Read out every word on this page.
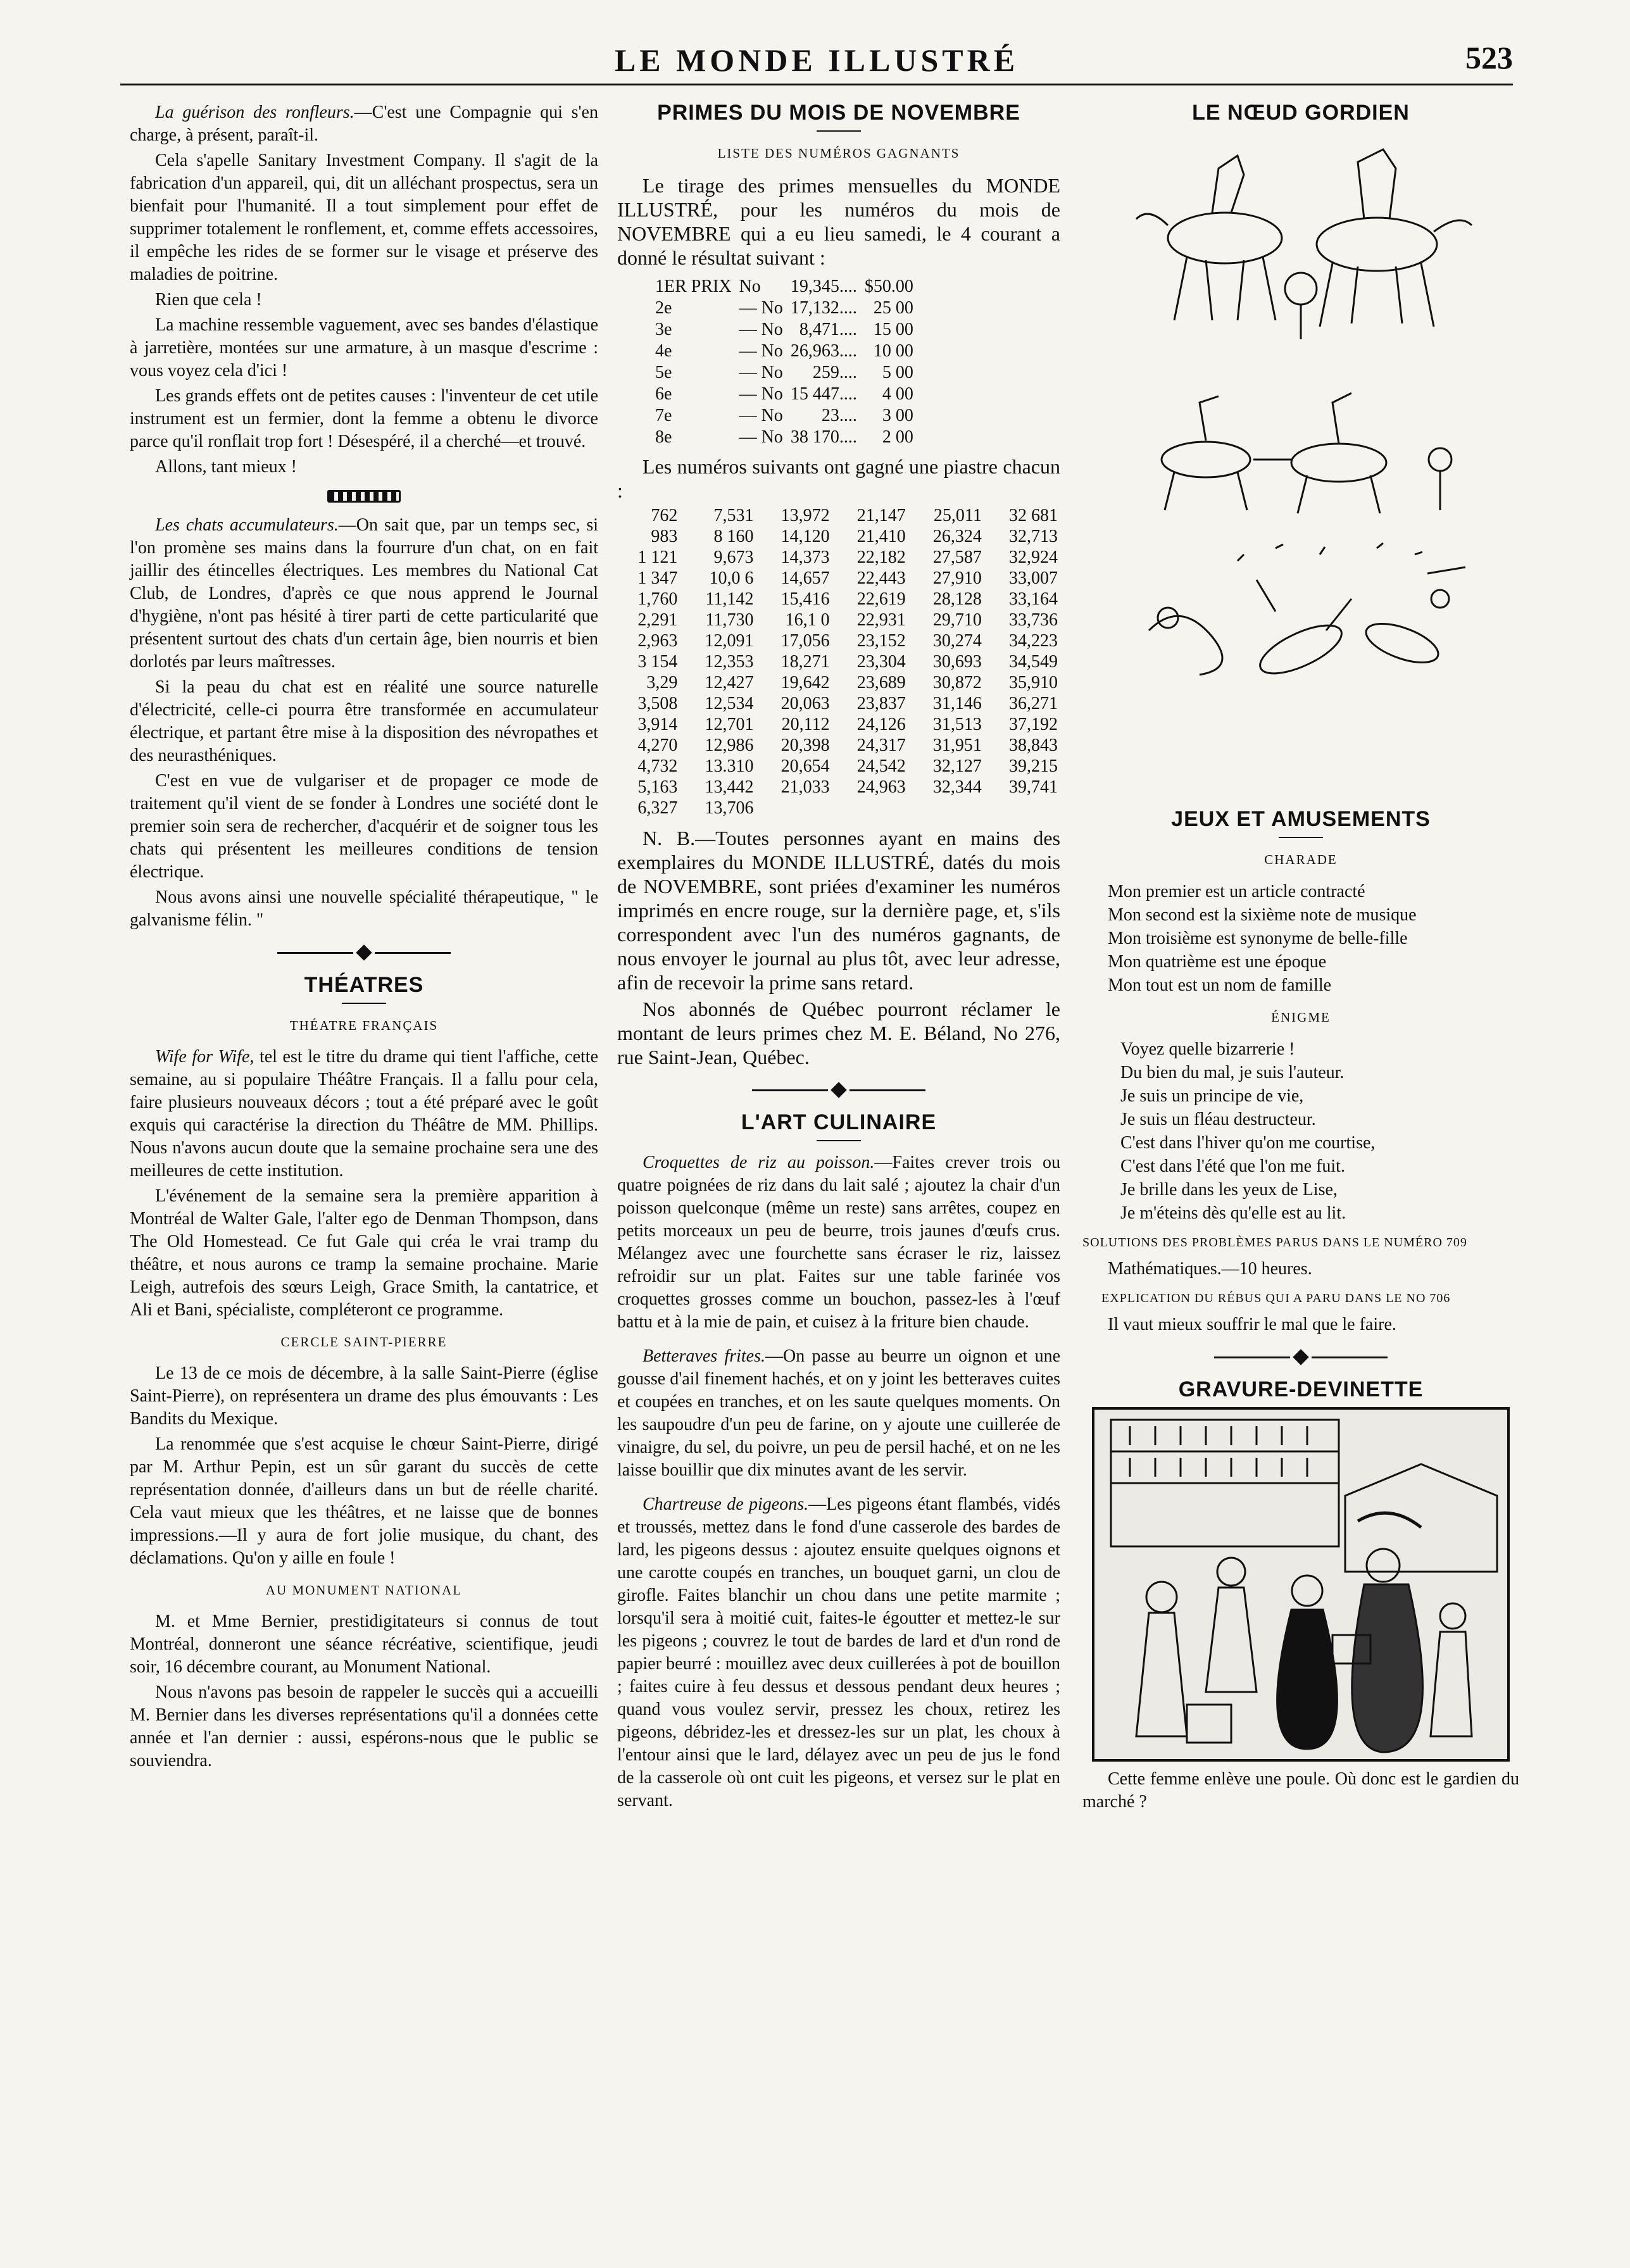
LE MONDE ILLUSTRÉ	523

La guérison des ronfleurs.—C'est une Compagnie qui s'en charge, à présent, paraît-il.

Cela s'apelle Sanitary Investment Company. Il s'agit de la fabrication d'un appareil, qui, dit un alléchant prospectus, sera un bienfait pour l'humanité. Il a tout simplement pour effet de supprimer totalement le ronflement, et, comme effets accessoires, il empêche les rides de se former sur le visage et préserve des maladies de poitrine.

Rien que cela !

La machine ressemble vaguement, avec ses bandes d'élastique à jarretière, montées sur une armature, à un masque d'escrime : vous voyez cela d'ici !

Les grands effets ont de petites causes : l'inventeur de cet utile instrument est un fermier, dont la femme a obtenu le divorce parce qu'il ronflait trop fort ! Désespéré, il a cherché—et trouvé.

Allons, tant mieux !

Les chats accumulateurs.—On sait que, par un temps sec, si l'on promène ses mains dans la fourrure d'un chat, on en fait jaillir des étincelles électriques. Les membres du National Cat Club, de Londres, d'après ce que nous apprend le Journal d'hygiène, n'ont pas hésité à tirer parti de cette particularité que présentent surtout des chats d'un certain âge, bien nourris et bien dorlotés par leurs maîtresses.

Si la peau du chat est en réalité une source naturelle d'électricité, celle-ci pourra être transformée en accumulateur électrique, et partant être mise à la disposition des névropathes et des neurasthéniques.

C'est en vue de vulgariser et de propager ce mode de traitement qu'il vient de se fonder à Londres une société dont le premier soin sera de rechercher, d'acquérir et de soigner tous les chats qui présentent les meilleures conditions de tension électrique.

Nous avons ainsi une nouvelle spécialité thérapeutique, " le galvanisme félin. "

THÉATRES
THÉATRE FRANÇAIS

Wife for Wife, tel est le titre du drame qui tient l'affiche, cette semaine, au si populaire Théâtre Français. Il a fallu pour cela, faire plusieurs nouveaux décors ; tout a été préparé avec le goût exquis qui caractérise la direction du Théâtre de MM. Phillips. Nous n'avons aucun doute que la semaine prochaine sera une des meilleures de cette institution.

L'événement de la semaine sera la première apparition à Montréal de Walter Gale, l'alter ego de Denman Thompson, dans The Old Homestead. Ce fut Gale qui créa le vrai tramp du théâtre, et nous aurons ce tramp la semaine prochaine. Marie Leigh, autrefois des sœurs Leigh, Grace Smith, la cantatrice, et Ali et Bani, spécialiste, compléteront ce programme.

CERCLE SAINT-PIERRE

Le 13 de ce mois de décembre, à la salle Saint-Pierre (église Saint-Pierre), on représentera un drame des plus émouvants : Les Bandits du Mexique.

La renommée que s'est acquise le chœur Saint-Pierre, dirigé par M. Arthur Pepin, est un sûr garant du succès de cette représentation donnée, d'ailleurs dans un but de réelle charité. Cela vaut mieux que les théâtres, et ne laisse que de bonnes impressions.—Il y aura de fort jolie musique, du chant, des déclamations. Qu'on y aille en foule !

AU MONUMENT NATIONAL

M. et Mme Bernier, prestidigitateurs si connus de tout Montréal, donneront une séance récréative, scientifique, jeudi soir, 16 décembre courant, au Monument National.

Nous n'avons pas besoin de rappeler le succès qui a accueilli M. Bernier dans les diverses représentations qu'il a données cette année et l'an dernier : aussi, espérons-nous que le public se souviendra.

PRIMES DU MOIS DE NOVEMBRE
LISTE DES NUMÉROS GAGNANTS

Le tirage des primes mensuelles du MONDE ILLUSTRÉ, pour les numéros du mois de NOVEMBRE qui a eu lieu samedi, le 4 courant a donné le résultat suivant :

1ER PRIX	No	19,345....	$50.00
2e	— No	17,132....	25 00
3e	— No	8,471....	15 00
4e	— No	26,963....	10 00
5e	— No	259....	5 00
6e	— No	15 447....	4 00
7e	— No	23....	3 00
8e	— No	38 170....	2 00

Les numéros suivants ont gagné une piastre chacun :

762	7,531	13,972	21,147	25,011	32 681
983	8 160	14,120	21,410	26,324	32,713
1 121	9,673	14,373	22,182	27,587	32,924
1 347	10,0 6	14,657	22,443	27,910	33,007
1,760	11,142	15,416	22,619	28,128	33,164
2,291	11,730	16,1 0	22,931	29,710	33,736
2,963	12,091	17,056	23,152	30,274	34,223
3 154	12,353	18,271	23,304	30,693	34,549
3,29	12,427	19,642	23,689	30,872	35,910
3,508	12,534	20,063	23,837	31,146	36,271
3,914	12,701	20,112	24,126	31,513	37,192
4,270	12,986	20,398	24,317	31,951	38,843
4,732	13.310	20,654	24,542	32,127	39,215
5,163	13,442	21,033	24,963	32,344	39,741
6,327	13,706				

N. B.—Toutes personnes ayant en mains des exemplaires du MONDE ILLUSTRÉ, datés du mois de NOVEMBRE, sont priées d'examiner les numéros imprimés en encre rouge, sur la dernière page, et, s'ils correspondent avec l'un des numéros gagnants, de nous envoyer le journal au plus tôt, avec leur adresse, afin de recevoir la prime sans retard.

Nos abonnés de Québec pourront réclamer le montant de leurs primes chez M. E. Béland, No 276, rue Saint-Jean, Québec.

L'ART CULINAIRE

Croquettes de riz au poisson.—Faites crever trois ou quatre poignées de riz dans du lait salé ; ajoutez la chair d'un poisson quelconque (même un reste) sans arrêtes, coupez en petits morceaux un peu de beurre, trois jaunes d'œufs crus. Mélangez avec une fourchette sans écraser le riz, laissez refroidir sur un plat. Faites sur une table farinée vos croquettes grosses comme un bouchon, passez-les à l'œuf battu et à la mie de pain, et cuisez à la friture bien chaude.

Betteraves frites.—On passe au beurre un oignon et une gousse d'ail finement hachés, et on y joint les betteraves cuites et coupées en tranches, et on les saute quelques moments. On les saupoudre d'un peu de farine, on y ajoute une cuillerée de vinaigre, du sel, du poivre, un peu de persil haché, et on ne les laisse bouillir que dix minutes avant de les servir.

Chartreuse de pigeons.—Les pigeons étant flambés, vidés et troussés, mettez dans le fond d'une casserole des bardes de lard, les pigeons dessus : ajoutez ensuite quelques oignons et une carotte coupés en tranches, un bouquet garni, un clou de girofle. Faites blanchir un chou dans une petite marmite ; lorsqu'il sera à moitié cuit, faites-le égoutter et mettez-le sur les pigeons ; couvrez le tout de bardes de lard et d'un rond de papier beurré : mouillez avec deux cuillerées à pot de bouillon ; faites cuire à feu dessus et dessous pendant deux heures ; quand vous voulez servir, pressez les choux, retirez les pigeons, débridez-les et dressez-les sur un plat, les choux à l'entour ainsi que le lard, délayez avec un peu de jus le fond de la casserole où ont cuit les pigeons, et versez sur le plat en servant.

LE NŒUD GORDIEN
JEUX ET AMUSEMENTS
CHARADE
Mon premier est un article contracté
Mon second est la sixième note de musique
Mon troisième est synonyme de belle-fille
Mon quatrième est une époque
Mon tout est un nom de famille
ÉNIGME
Voyez quelle bizarrerie !
Du bien du mal, je suis l'auteur.
Je suis un principe de vie,
Je suis un fléau destructeur.
C'est dans l'hiver qu'on me courtise,
C'est dans l'été que l'on me fuit.
Je brille dans les yeux de Lise,
Je m'éteins dès qu'elle est au lit.
SOLUTIONS DES PROBLÈMES PARUS DANS LE NUMÉRO 709

Mathématiques.—10 heures.

EXPLICATION DU RÉBUS QUI A PARU DANS LE NO 706

Il vaut mieux souffrir le mal que le faire.

GRAVURE-DEVINETTE

Cette femme enlève une poule. Où donc est le gardien du marché ?
